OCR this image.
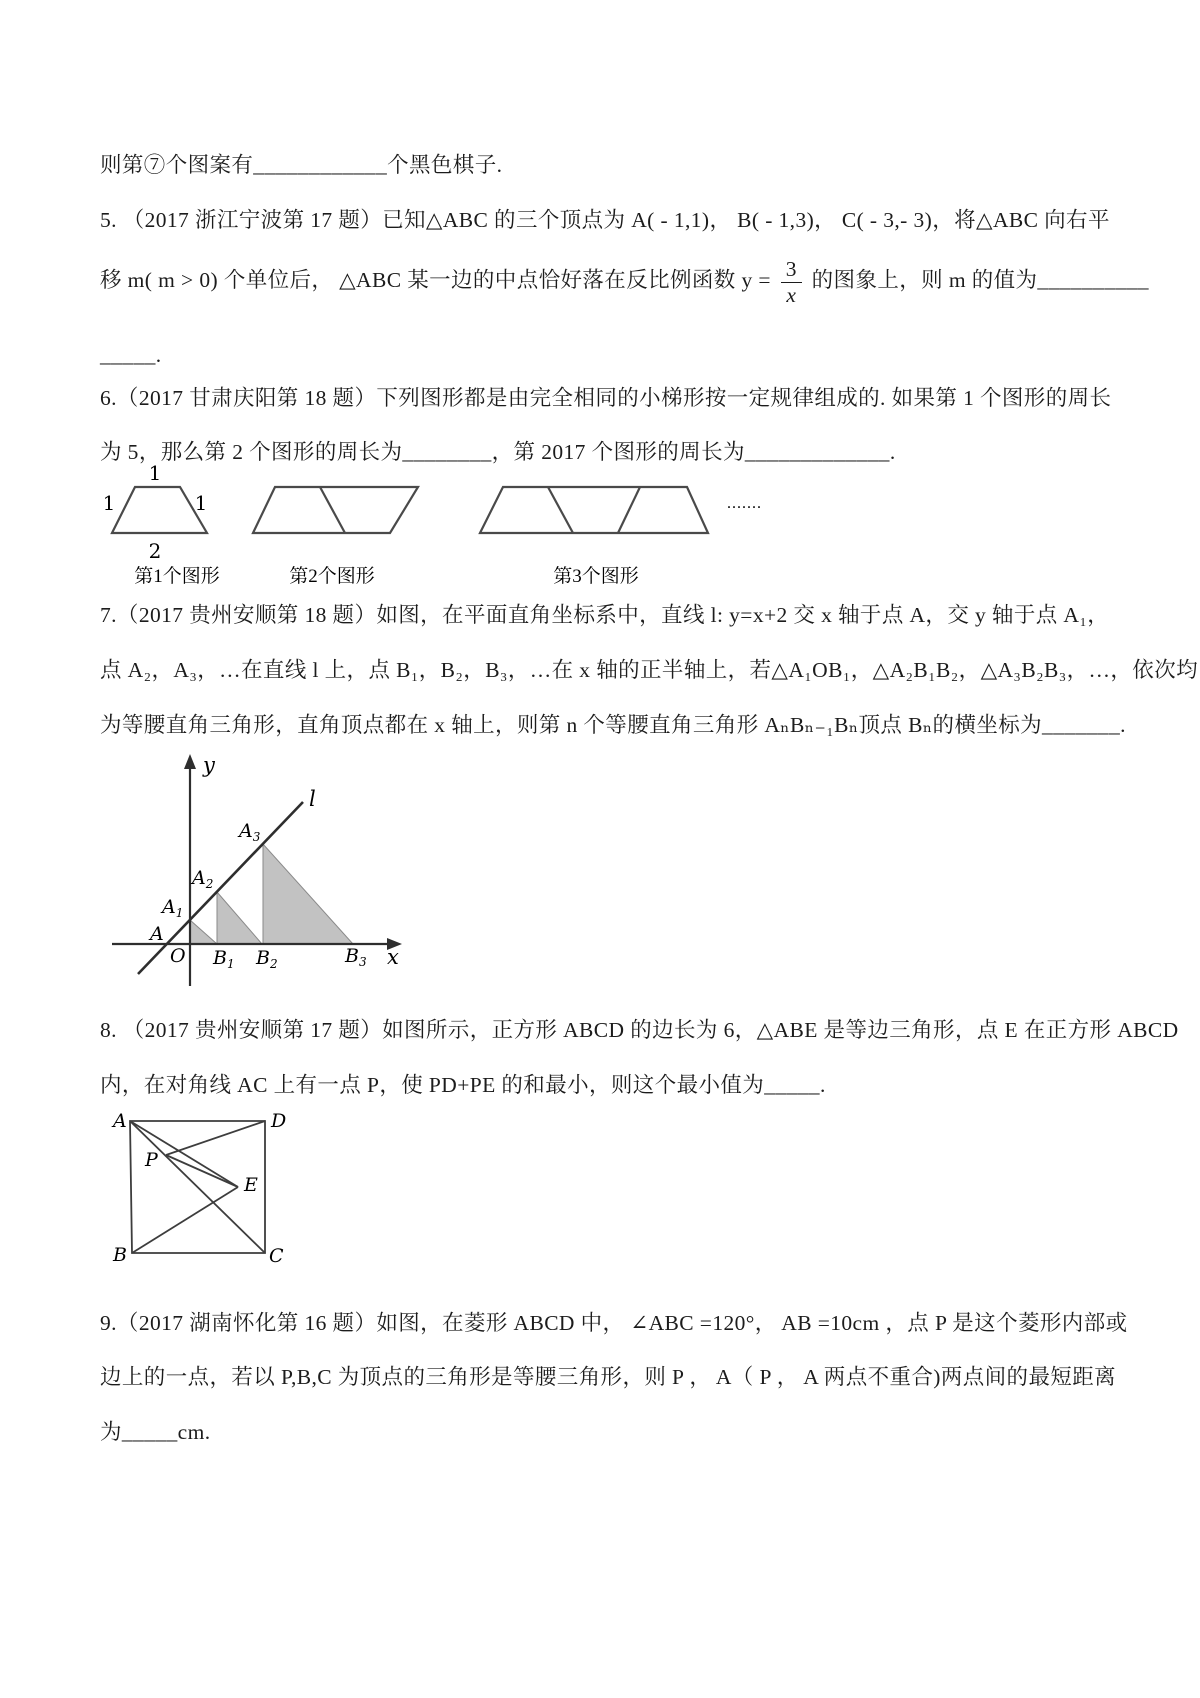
则第⑦个图案有____________个黑色棋子.
5. （2017 浙江宁波第 17 题）已知△ABC 的三个顶点为 A( - 1,1)， B( - 1,3)， C( - 3,- 3)，将△ABC 向右平
移 m( m > 0) 个单位后， △ABC 某一边的中点恰好落在反比例函数 $y = \frac{3}{x}$ 的图象上，则 m 的值为__________
_____.
6.（2017 甘肃庆阳第 18 题）下列图形都是由完全相同的小梯形按一定规律组成的. 如果第 1 个图形的周长
为 5，那么第 2 个图形的周长为________，第 2017 个图形的周长为_____________.
1
1	1
2
第1个图形	第2个图形	第3个图形
.......
7.（2017 贵州安顺第 18 题）如图，在平面直角坐标系中，直线 l: y=x+2 交 x 轴于点 A，交 y 轴于点 A₁，
点 A₂，A₃，…在直线 l 上，点 B₁，B₂，B₃，…在 x 轴的正半轴上，若△A₁OB₁，△A₂B₁B₂，△A₃B₂B₃，…，依次均
为等腰直角三角形，直角顶点都在 x 轴上，则第 n 个等腰直角三角形 AₙBₙ₋₁Bₙ顶点 Bₙ的横坐标为_______.
y
x
l
O
A
$A_1$
$A_2$
$A_3$
$B_1$ $B_2$	$B_3$
8. （2017 贵州安顺第 17 题）如图所示，正方形 ABCD 的边长为 6，△ABE 是等边三角形，点 E 在正方形 ABCD
内，在对角线 AC 上有一点 P，使 PD+PE 的和最小，则这个最小值为_____.
A	D
B	C
P
E
9.（2017 湖南怀化第 16 题）如图，在菱形 ABCD 中， ∠ABC =120°， AB =10cm ，点 P 是这个菱形内部或
边上的一点，若以 P,B,C 为顶点的三角形是等腰三角形，则 P ， A（ P ， A 两点不重合)两点间的最短距离
为_____cm.
